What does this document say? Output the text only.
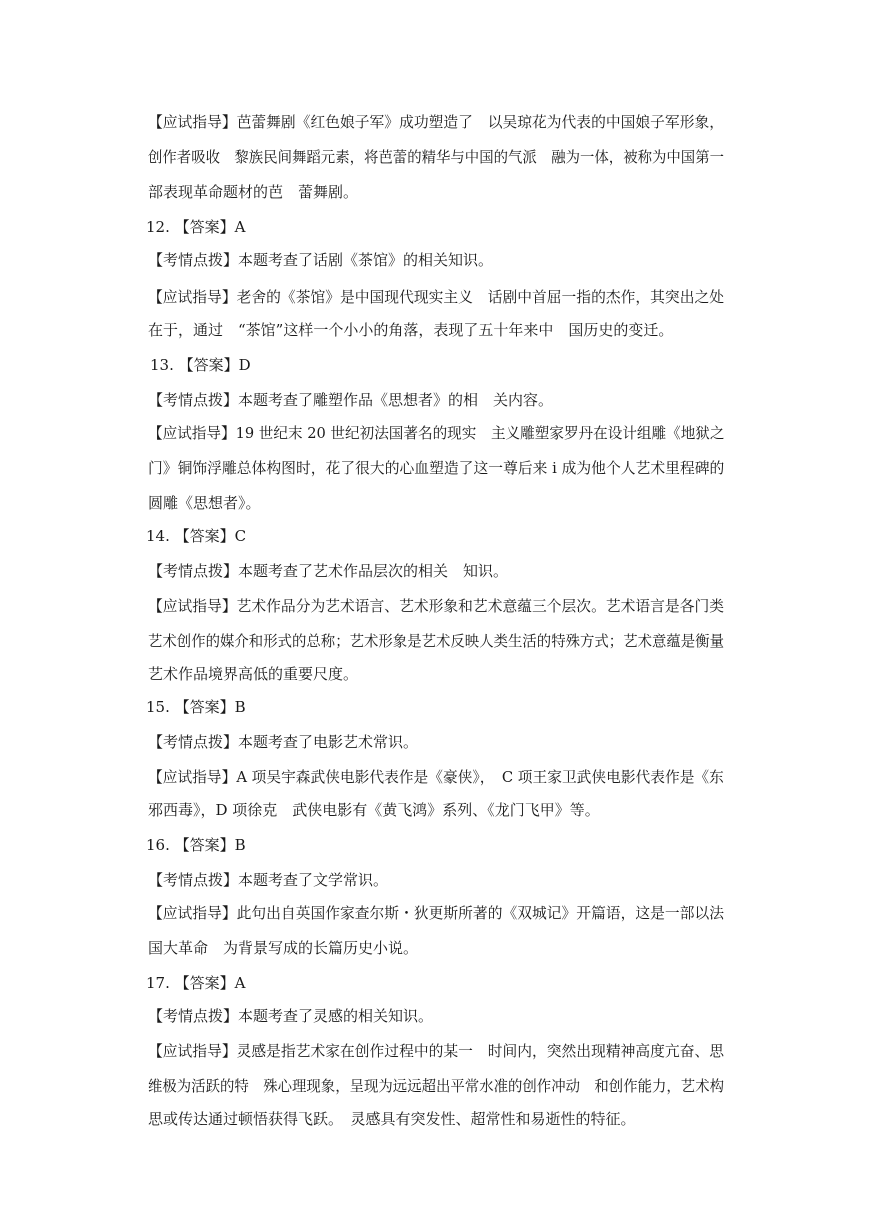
【应试指导】芭蕾舞剧《红色娘子军》成功塑造了　以吴琼花为代表的中国娘子军形象，
创作者吸收　黎族民间舞蹈元素，将芭蕾的精华与中国的气派　融为一体，被称为中国第一
部表现革命题材的芭　蕾舞剧。
12. 【答案】A
【考情点拨】本题考查了话剧《茶馆》的相关知识。
【应试指导】老舍的《茶馆》是中国现代现实主义　话剧中首屈一指的杰作，其突出之处
在于，通过　“茶馆”这样一个小小的角落，表现了五十年来中　国历史的变迁。
13. 【答案】D
【考情点拨】本题考查了雕塑作品《思想者》的相　关内容。
【应试指导】19 世纪末 20 世纪初法国著名的现实　主义雕塑家罗丹在设计组雕《地狱之
门》铜饰浮雕总体构图时，花了很大的心血塑造了这一尊后来 i 成为他个人艺术里程碑的
圆雕《思想者》。
14. 【答案】C
【考情点拨】本题考查了艺术作品层次的相关　知识。
【应试指导】艺术作品分为艺术语言、艺术形象和艺术意蕴三个层次。艺术语言是各门类
艺术创作的媒介和形式的总称；艺术形象是艺术反映人类生活的特殊方式；艺术意蕴是衡量
艺术作品境界高低的重要尺度。
15. 【答案】B
【考情点拨】本题考查了电影艺术常识。
【应试指导】A 项吴宇森武侠电影代表作是《豪侠》，　C 项王家卫武侠电影代表作是《东
邪西毒》，D 项徐克　武侠电影有《黄飞鸿》系列、《龙门飞甲》等。
16. 【答案】B
【考情点拨】本题考查了文学常识。
【应试指导】此句出自英国作家查尔斯・狄更斯所著的《双城记》开篇语，这是一部以法
国大革命　为背景写成的长篇历史小说。
17. 【答案】A
【考情点拨】本题考查了灵感的相关知识。
【应试指导】灵感是指艺术家在创作过程中的某一　时间内，突然出现精神高度亢奋、思
维极为活跃的特　殊心理现象，呈现为远远超出平常水准的创作冲动　和创作能力，艺术构
思或传达通过顿悟获得飞跃。　灵感具有突发性、超常性和易逝性的特征。
